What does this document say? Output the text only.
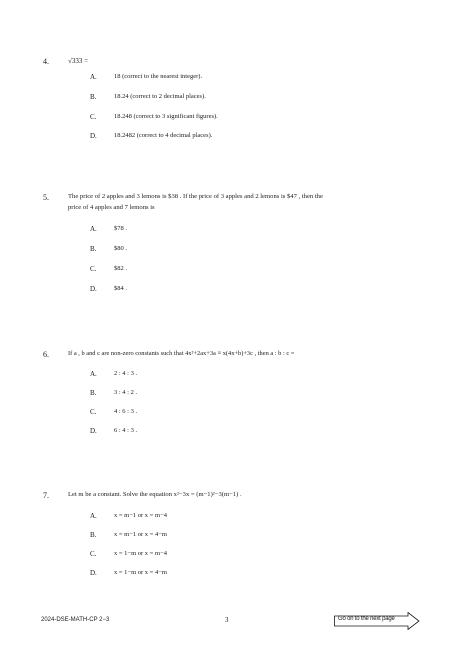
4.	√333 =
A.	18 (correct to the nearest integer).
B.	18.24 (correct to 2 decimal places).
C.	18.248 (correct to 3 significant figures).
D.	18.2482 (correct to 4 decimal places).
5.	The price of 2 apples and 3 lemons is $38 . If the price of 3 apples and 2 lemons is $47 , then the
price of 4 apples and 7 lemons is
A.	$78 .
B.	$80 .
C.	$82 .
D.	$84 .
6.	If a , b and c are non-zero constants such that 4x²+2ax+3a ≡ x(4x+b)+3c , then a : b : c =
A.	2 : 4 : 3 .
B.	3 : 4 : 2 .
C.	4 : 6 : 3 .
D.	6 : 4 : 3 .
7.	Let m be a constant. Solve the equation x²−3x = (m−1)²−3(m−1) .
A.	x = m−1 or x = m−4
B.	x = m−1 or x = 4−m
C.	x = 1−m or x = m−4
D.	x = 1−m or x = 4−m
2024-DSE-MATH-CP 2−3	3	Go on to the next page
